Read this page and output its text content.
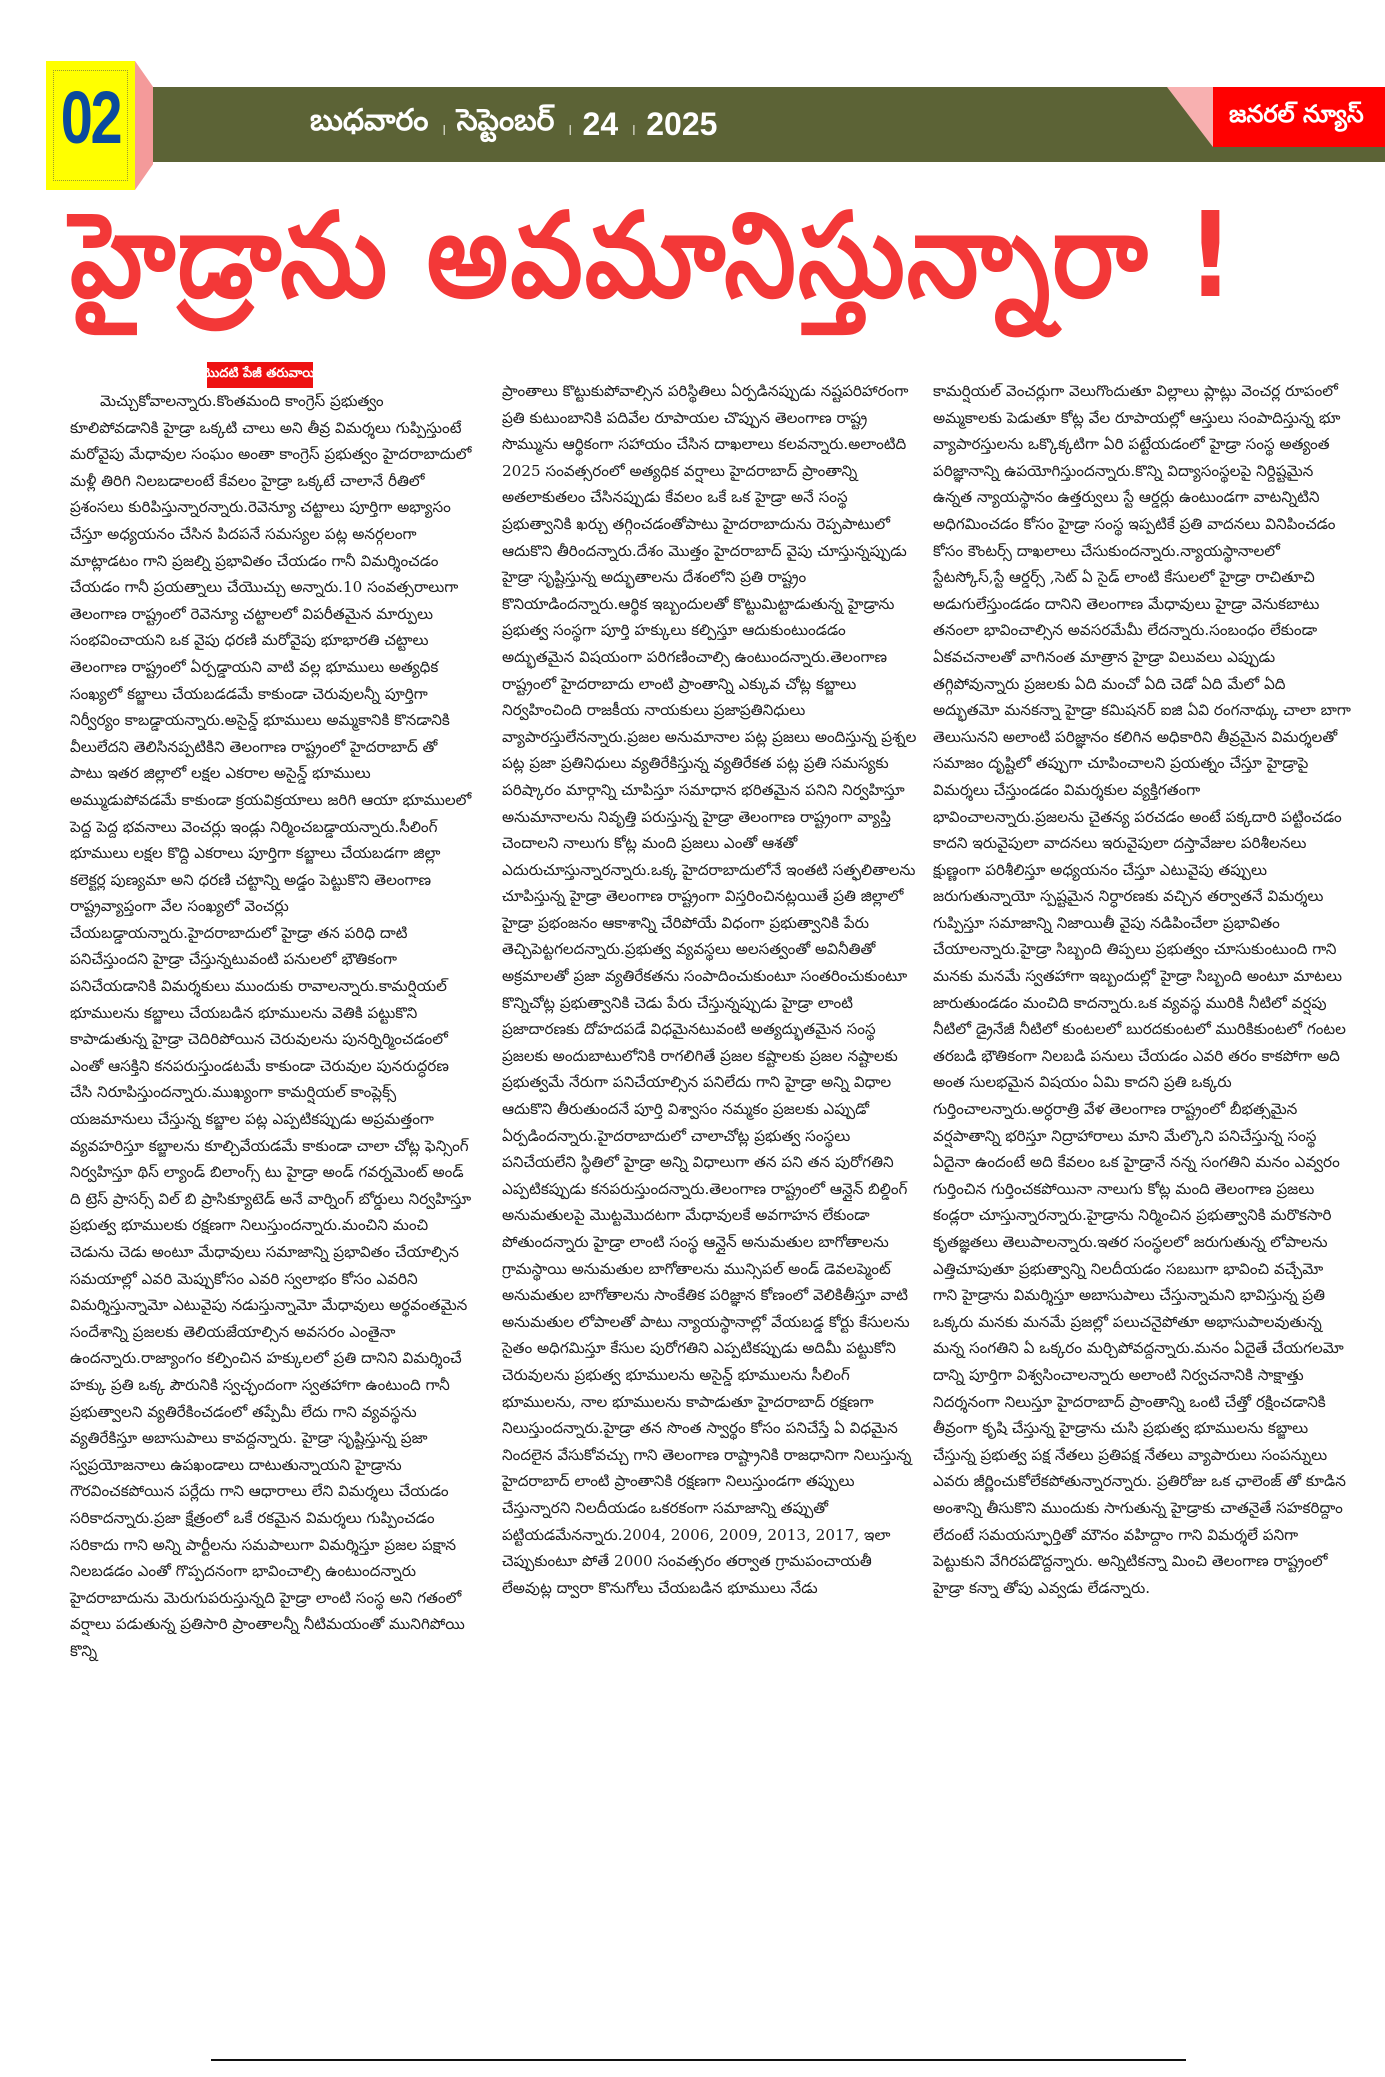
02	బుధవారం । సెప్టెంబర్ । 24 । 2025	జనరల్ న్యూస్
హైడ్రాను అవమానిస్తున్నారా !
మొదటి పేజీ తరువాయి

మెచ్చుకోవాలన్నారు.కొంతమంది కాంగ్రెస్ ప్రభుత్వం కూలిపోవడానికి హైడ్రా ఒక్కటి చాలు అని తీవ్ర విమర్శలు గుప్పిస్తుంటే మరోవైపు మేధావుల సంఘం అంతా కాంగ్రెస్ ప్రభుత్వం హైదరాబాదులో మళ్లీ తిరిగి నిలబడాలంటే కేవలం హైడ్రా ఒక్కటే చాలానే రీతిలో ప్రశంసలు కురిపిస్తున్నారన్నారు.రెవెన్యూ చట్టాలు పూర్తిగా అభ్యాసం చేస్తూ అధ్యయనం చేసిన పిదపనే సమస్యల పట్ల అనర్గలంగా మాట్లాడటం గాని ప్రజల్ని ప్రభావితం చేయడం గానీ విమర్శించడం చేయడం గానీ ప్రయత్నాలు చేయొచ్చు అన్నారు.10 సంవత్సరాలుగా తెలంగాణ రాష్ట్రంలో రెవెన్యూ చట్టాలలో విపరీతమైన మార్పులు సంభవించాయని ఒక వైపు ధరణి మరోవైపు భూభారతి చట్టాలు తెలంగాణ రాష్ట్రంలో ఏర్పడ్డాయని వాటి వల్ల భూములు అత్యధిక సంఖ్యలో కబ్జాలు చేయబడడమే కాకుండా చెరువులన్నీ పూర్తిగా నిర్వీర్యం కాబడ్డాయన్నారు.అసైన్డ్ భూములు అమ్మకానికి కొనడానికి వీలులేదని తెలిసినప్పటికిని తెలంగాణ రాష్ట్రంలో హైదరాబాద్ తో పాటు ఇతర జిల్లాలో లక్షల ఎకరాల అసైన్డ్ భూములు అమ్ముడుపోవడమే కాకుండా క్రయవిక్రయాలు జరిగి ఆయా భూములలో పెద్ద పెద్ద భవనాలు వెంచర్లు ఇండ్లు నిర్మించబడ్డాయన్నారు.సీలింగ్ భూములు లక్షల కొద్ది ఎకరాలు పూర్తిగా కబ్జాలు చేయబడగా జిల్లా కలెక్టర్ల పుణ్యమా అని ధరణి చట్టాన్ని అడ్డం పెట్టుకొని తెలంగాణ రాష్ట్రవ్యాప్తంగా వేల సంఖ్యలో వెంచర్లు చేయబడ్డాయన్నారు.హైదరాబాదులో హైడ్రా తన పరిధి దాటి పనిచేస్తుందని హైడ్రా చేస్తున్నటువంటి పనులలో భౌతికంగా పనిచేయడానికి విమర్శకులు ముందుకు రావాలన్నారు.కామర్షియల్ భూములను కబ్జాలు చేయబడిన భూములను వెతికి పట్టుకొని కాపాడుతున్న హైడ్రా చెదిరిపోయిన చెరువులను పునర్నిర్మించడంలో ఎంతో ఆసక్తిని కనపరుస్తుండటమే కాకుండా చెరువుల పునరుద్ధరణ చేసి నిరూపిస్తుందన్నారు.ముఖ్యంగా కామర్షియల్ కాంప్లెక్స్ యజమానులు చేస్తున్న కబ్జాల పట్ల ఎప్పటికప్పుడు అప్రమత్తంగా వ్యవహరిస్తూ కబ్జాలను కూల్చివేయడమే కాకుండా చాలా చోట్ల ఫెన్సింగ్ నిర్వహిస్తూ థిస్ ల్యాండ్ బిలాంగ్స్ టు హైడ్రా అండ్ గవర్నమెంట్ అండ్ ది ట్రెస్ ప్రాసర్స్ విల్ బి ప్రాసిక్యూటెడ్ అనే వార్నింగ్ బోర్డులు నిర్వహిస్తూ ప్రభుత్వ భూములకు రక్షణగా నిలుస్తుందన్నారు.మంచిని మంచి చెడును చెడు అంటూ మేధావులు సమాజాన్ని ప్రభావితం చేయాల్సిన సమయాల్లో ఎవరి మెప్పుకోసం ఎవరి స్వలాభం కోసం ఎవరిని విమర్శిస్తున్నామో ఎటువైపు నడుస్తున్నామో మేధావులు అర్థవంతమైన సందేశాన్ని ప్రజలకు తెలియజేయాల్సిన అవసరం ఎంతైనా ఉందన్నారు.రాజ్యాంగం కల్పించిన హక్కులలో ప్రతి దానిని విమర్శించే హక్కు ప్రతి ఒక్క పౌరునికి స్వచ్ఛందంగా స్వతహాగా ఉంటుంది గానీ ప్రభుత్వాలని వ్యతిరేకించడంలో తప్పేమీ లేదు గాని వ్యవస్థను వ్యతిరేకిస్తూ అబాసుపాలు కావద్దన్నారు. హైడ్రా సృష్టిస్తున్న ప్రజా స్వప్రయోజనాలు ఉపఖండాలు దాటుతున్నాయని హైడ్రాను గౌరవించకపోయిన పర్లేదు గాని ఆధారాలు లేని విమర్శలు చేయడం సరికాదన్నారు.ప్రజా క్షేత్రంలో ఒకే రకమైన విమర్శలు గుప్పించడం సరికాదు గాని అన్ని పార్టీలను సమపాలుగా విమర్శిస్తూ ప్రజల పక్షాన నిలబడడం ఎంతో గొప్పదనంగా భావించాల్సి ఉంటుందన్నారు హైదరాబాదును మెరుగుపరుస్తున్నది హైడ్రా లాంటి సంస్థ అని గతంలో వర్షాలు పడుతున్న ప్రతిసారి ప్రాంతాలన్నీ నీటిమయంతో మునిగిపోయి కొన్ని

ప్రాంతాలు కొట్టుకుపోవాల్సిన పరిస్థితిలు ఏర్పడినప్పుడు నష్టపరిహారంగా ప్రతి కుటుంబానికి పదివేల రూపాయల చొప్పున తెలంగాణ రాష్ట్ర సొమ్మును ఆర్థికంగా సహాయం చేసిన దాఖలాలు కలవన్నారు.అలాంటిది 2025 సంవత్సరంలో అత్యధిక వర్షాలు హైదరాబాద్ ప్రాంతాన్ని అతలాకుతలం చేసినప్పుడు కేవలం ఒకే ఒక హైడ్రా అనే సంస్థ ప్రభుత్వానికి ఖర్చు తగ్గించడంతోపాటు హైదరాబాదును రెప్పపాటులో ఆదుకొని తీరిందన్నారు.దేశం మొత్తం హైదరాబాద్ వైపు చూస్తున్నప్పుడు హైడ్రా సృష్టిస్తున్న అద్భుతాలను దేశంలోని ప్రతి రాష్ట్రం కొనియాడిందన్నారు.ఆర్థిక ఇబ్బందులతో కొట్టుమిట్టాడుతున్న హైడ్రాను ప్రభుత్వ సంస్థగా పూర్తి హక్కులు కల్పిస్తూ ఆదుకుంటుండడం అద్భుతమైన విషయంగా పరిగణించాల్సి ఉంటుందన్నారు.తెలంగాణ రాష్ట్రంలో హైదరాబాదు లాంటి ప్రాంతాన్ని ఎక్కువ చోట్ల కబ్జాలు నిర్వహించింది రాజకీయ నాయకులు ప్రజాప్రతినిధులు వ్యాపారస్తులేనన్నారు.ప్రజల అనుమానాల పట్ల ప్రజలు అందిస్తున్న ప్రశ్నల పట్ల ప్రజా ప్రతినిధులు వ్యతిరేకిస్తున్న వ్యతిరేకత పట్ల ప్రతి సమస్యకు పరిష్కారం మార్గాన్ని చూపిస్తూ సమాధాన భరితమైన పనిని నిర్వహిస్తూ అనుమానాలను నివృత్తి పరుస్తున్న హైడ్రా తెలంగాణ రాష్ట్రంగా వ్యాప్తి చెందాలని నాలుగు కోట్ల మంది ప్రజలు ఎంతో ఆశతో ఎదురుచూస్తున్నారన్నారు.ఒక్క హైదరాబాదులోనే ఇంతటి సత్ఫలితాలను చూపిస్తున్న హైడ్రా తెలంగాణ రాష్ట్రంగా విస్తరించినట్లయితే ప్రతి జిల్లాలో హైడ్రా ప్రభంజనం ఆకాశాన్ని చేరిపోయే విధంగా ప్రభుత్వానికి పేరు తెచ్చిపెట్టగలదన్నారు.ప్రభుత్వ వ్యవస్థలు అలసత్వంతో అవినీతితో అక్రమాలతో ప్రజా వ్యతిరేకతను సంపాదించుకుంటూ సంతరించుకుంటూ కొన్నిచోట్ల ప్రభుత్వానికి చెడు పేరు చేస్తున్నప్పుడు హైడ్రా లాంటి ప్రజాదారణకు దోహదపడే విధమైనటువంటి అత్యద్భుతమైన సంస్థ ప్రజలకు అందుబాటులోనికి రాగలిగితే ప్రజల కష్టాలకు ప్రజల నష్టాలకు ప్రభుత్వమే నేరుగా పనిచేయాల్సిన పనిలేదు గాని హైడ్రా అన్ని విధాల ఆదుకొని తీరుతుందనే పూర్తి విశ్వాసం నమ్మకం ప్రజలకు ఎప్పుడో ఏర్పడిందన్నారు.హైదరాబాదులో చాలాచోట్ల ప్రభుత్వ సంస్థలు పనిచేయలేని స్థితిలో హైడ్రా అన్ని విధాలుగా తన పని తన పురోగతిని ఎప్పటికప్పుడు కనపరుస్తుందన్నారు.తెలంగాణ రాష్ట్రంలో ఆన్లైన్ బిల్డింగ్ అనుమతులపై మొట్టమొదటగా మేధావులకే అవగాహన లేకుండా పోతుందన్నారు హైడ్రా లాంటి సంస్థ ఆన్లైన్ అనుమతుల బాగోతాలను గ్రామస్థాయి అనుమతుల బాగోతాలను మున్సిపల్ అండ్ డెవలప్మెంట్ అనుమతుల బాగోతాలను సాంకేతిక పరిజ్ఞాన కోణంలో వెలికితీస్తూ వాటి అనుమతుల లోపాలతో పాటు న్యాయస్థానాల్లో వేయబడ్డ కోర్టు కేసులను సైతం అధిగమిస్తూ కేసుల పురోగతిని ఎప్పటికప్పుడు అదిమీ పట్టుకోని చెరువులను ప్రభుత్వ భూములను అసైన్డ్ భూములను సీలింగ్ భూములను, నాల భూములను కాపాడుతూ హైదరాబాద్ రక్షణగా నిలుస్తుందన్నారు.హైడ్రా తన సొంత స్వార్థం కోసం పనిచేస్తే ఏ విధమైన నిందలైన వేసుకోవచ్చు గాని తెలంగాణ రాష్ట్రానికి రాజధానిగా నిలుస్తున్న హైదరాబాద్ లాంటి ప్రాంతానికి రక్షణగా నిలుస్తుండగా తప్పులు చేస్తున్నారని నిలదీయడం ఒకరకంగా సమాజాన్ని తప్పుతో పట్టియడమేనన్నారు.2004, 2006, 2009, 2013, 2017, ఇలా చెప్పుకుంటూ పోతే 2000 సంవత్సరం తర్వాత గ్రామపంచాయతీ లేఅవుట్ల ద్వారా కొనుగోలు చేయబడిన భూములు నేడు

కామర్షియల్ వెంచర్లుగా వెలుగొందుతూ విల్లాలు ప్లాట్లు వెంచర్ల రూపంలో అమ్మకాలకు పెడుతూ కోట్ల వేల రూపాయల్లో ఆస్తులు సంపాదిస్తున్న భూ వ్యాపారస్తులను ఒక్కొక్కటిగా ఏరి పట్టేయడంలో హైడ్రా సంస్థ అత్యంత పరిజ్ఞానాన్ని ఉపయోగిస్తుందన్నారు.కొన్ని విద్యాసంస్థలపై నిర్దిష్టమైన ఉన్నత న్యాయస్థానం ఉత్తర్వులు స్టే ఆర్డర్లు ఉంటుండగా వాటన్నిటిని అధిగమించడం కోసం హైడ్రా సంస్థ ఇప్పటికే ప్రతి వాదనలు వినిపించడం కోసం కౌంటర్స్ దాఖలాలు చేసుకుందన్నారు.న్యాయస్థానాలలో స్టేటస్కోస్,స్టే ఆర్డర్స్ ,సెట్ ఏ సైడ్ లాంటి కేసులలో హైడ్రా రాచితూచి అడుగులేస్తుండడం దానిని తెలంగాణ మేధావులు హైడ్రా వెనుకబాటు తనంలా భావించాల్సిన అవసరమేమీ లేదన్నారు.సంబంధం లేకుండా ఏకవచనాలతో వాగినంత మాత్రాన హైడ్రా విలువలు ఎప్పుడు తగ్గిపోవున్నారు ప్రజలకు ఏది మంచో ఏది చెడో ఏది మేలో ఏది అద్భుతమో మనకన్నా హైడ్రా కమిషనర్ ఐజి ఏవి రంగనాథ్కు చాలా బాగా తెలుసునని అలాంటి పరిజ్ఞానం కలిగిన అధికారిని తీవ్రమైన విమర్శలతో సమాజం దృష్టిలో తప్పుగా చూపించాలని ప్రయత్నం చేస్తూ హైడ్రాపై విమర్శలు చేస్తుండడం విమర్శకుల వ్యక్తిగతంగా భావించాలన్నారు.ప్రజలను చైతన్య పరచడం అంటే పక్కదారి పట్టించడం కాదని ఇరువైపులా వాదనలు ఇరువైపులా దస్తావేజుల పరిశీలనలు క్షుణ్ణంగా పరిశీలిస్తూ అధ్యయనం చేస్తూ ఎటువైపు తప్పులు జరుగుతున్నాయో స్పష్టమైన నిర్ధారణకు వచ్చిన తర్వాతనే విమర్శలు గుప్పిస్తూ సమాజాన్ని నిజాయితీ వైపు నడిపించేలా ప్రభావితం చేయాలన్నారు.హైడ్రా సిబ్బంది తిప్పలు ప్రభుత్వం చూసుకుంటుంది గాని మనకు మనమే స్వతహాగా ఇబ్బందుల్లో హైడ్రా సిబ్బంది అంటూ మాటలు జారుతుండడం మంచిది కాదన్నారు.ఒక వ్యవస్థ మురికి నీటిలో వర్షపు నీటిలో డ్రైనేజీ నీటిలో కుంటలలో బురదకుంటలో మురికికుంటలో గంటల తరబడి భౌతికంగా నిలబడి పనులు చేయడం ఎవరి తరం కాకపోగా అది అంత సులభమైన విషయం ఏమి కాదని ప్రతి ఒక్కరు గుర్తించాలన్నారు.అర్ధరాత్రి వేళ తెలంగాణ రాష్ట్రంలో బీభత్సమైన వర్షపాతాన్ని భరిస్తూ నిద్రాహారాలు మాని మేల్కొని పనిచేస్తున్న సంస్థ ఏదైనా ఉందంటే అది కేవలం ఒక హైడ్రానే నన్న సంగతిని మనం ఎవ్వరం గుర్తించిన గుర్తించకపోయినా నాలుగు కోట్ల మంది తెలంగాణ ప్రజలు కండ్లరా చూస్తున్నారన్నారు.హైడ్రాను నిర్మించిన ప్రభుత్వానికి మరొకసారి కృతజ్ఞతలు తెలుపాలన్నారు.ఇతర సంస్థలలో జరుగుతున్న లోపాలను ఎత్తిచూపుతూ ప్రభుత్వాన్ని నిలదీయడం సబబుగా భావించి వచ్చేమో గాని హైడ్రాను విమర్శిస్తూ అబాసుపాలు చేస్తున్నామని భావిస్తున్న ప్రతి ఒక్కరు మనకు మనమే ప్రజల్లో పలుచనైపోతూ అభాసుపాలవుతున్న మన్న సంగతిని ఏ ఒక్కరం మర్చిపోవద్దన్నారు.మనం ఏదైతే చేయగలమో దాన్ని పూర్తిగా విశ్వసించాలన్నారు అలాంటి నిర్వచనానికి సాక్షాత్తు నిదర్శనంగా నిలుస్తూ హైదరాబాద్ ప్రాంతాన్ని ఒంటి చేత్తో రక్షించడానికి తీవ్రంగా కృషి చేస్తున్న హైడ్రాను చుసి ప్రభుత్వ భూములను కబ్జాలు చేస్తున్న ప్రభుత్వ పక్ష నేతలు ప్రతిపక్ష నేతలు వ్యాపారులు సంపన్నులు ఎవరు జీర్ణించుకోలేకపోతున్నారన్నారు. ప్రతిరోజు ఒక ఛాలెంజ్ తో కూడిన అంశాన్ని తీసుకొని ముందుకు సాగుతున్న హైడ్రాకు చాతనైతే సహకరిద్దాం లేదంటే సమయస్ఫూర్తితో మౌనం వహిద్దాం గాని విమర్శలే పనిగా పెట్టుకుని వేగిరపడొద్దన్నారు. అన్నిటికన్నా మించి తెలంగాణ రాష్ట్రంలో హైడ్రా కన్నా తోపు ఎవ్వడు లేడన్నారు.
